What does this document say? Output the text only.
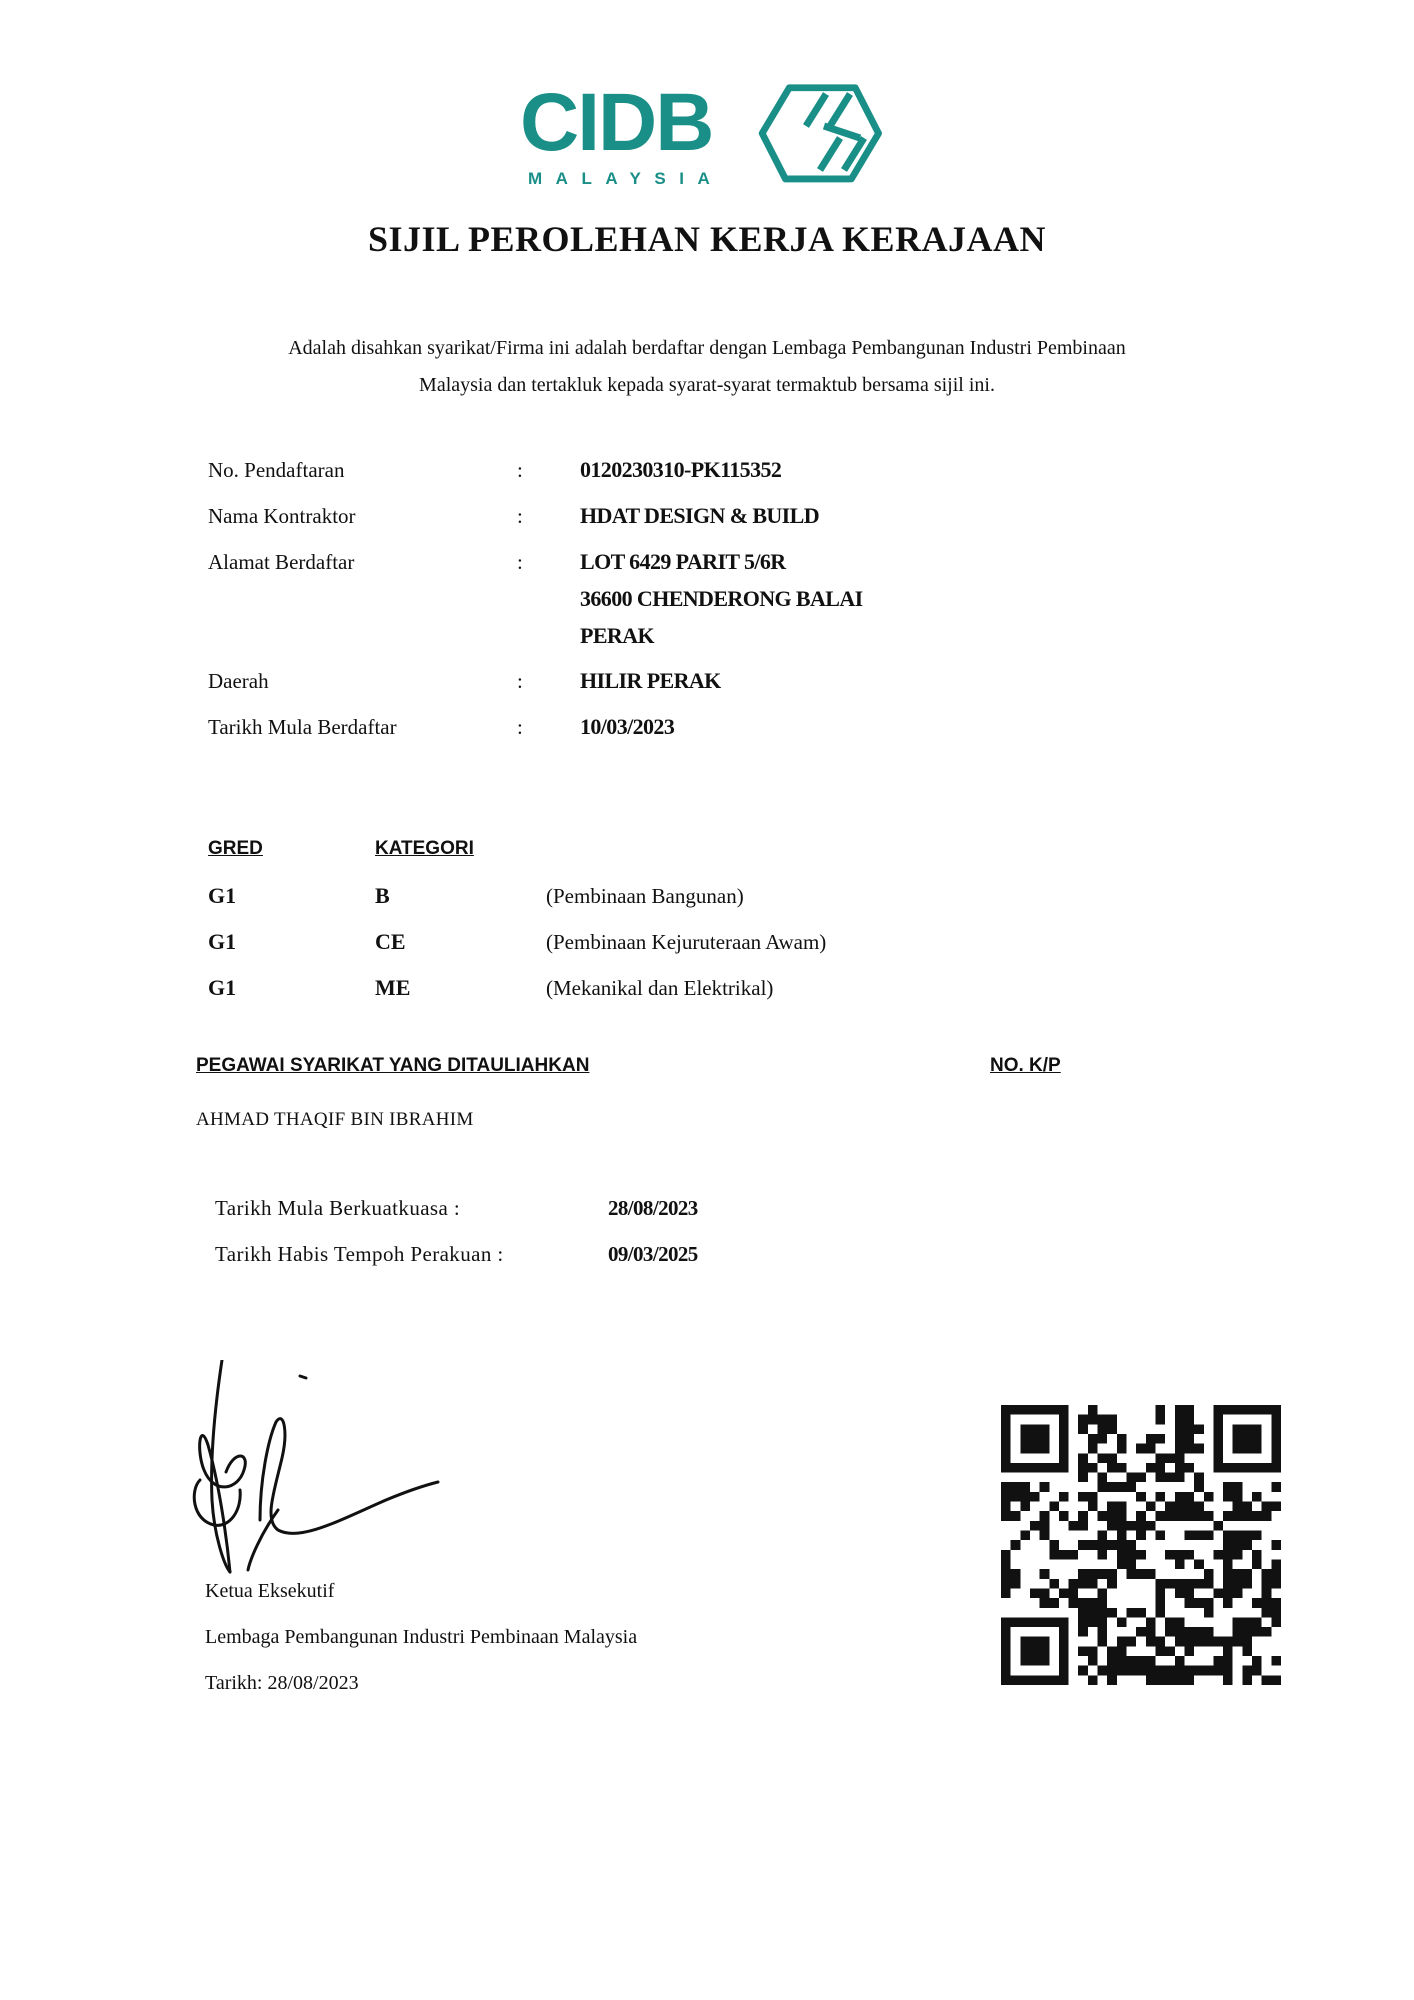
CIDB
MALAYSIA
SIJIL PEROLEHAN KERJA KERAJAAN
Adalah disahkan syarikat/Firma ini adalah berdaftar dengan Lembaga Pembangunan Industri Pembinaan
Malaysia dan tertakluk kepada syarat-syarat termaktub bersama sijil ini.
No. Pendaftaran	:	0120230310-PK115352
Nama Kontraktor	:	HDAT DESIGN & BUILD
Alamat Berdaftar	:	LOT 6429 PARIT 5/6R
36600 CHENDERONG BALAI
PERAK
Daerah	:	HILIR PERAK
Tarikh Mula Berdaftar	:	10/03/2023
GRED	KATEGORI
G1	B	(Pembinaan Bangunan)
G1	CE	(Pembinaan Kejuruteraan Awam)
G1	ME	(Mekanikal dan Elektrikal)
PEGAWAI SYARIKAT YANG DITAULIAHKAN	NO. K/P
AHMAD THAQIF BIN IBRAHIM
Tarikh Mula Berkuatkuasa :	28/08/2023
Tarikh Habis Tempoh Perakuan :	09/03/2025
Ketua Eksekutif
Lembaga Pembangunan Industri Pembinaan Malaysia
Tarikh: 28/08/2023
